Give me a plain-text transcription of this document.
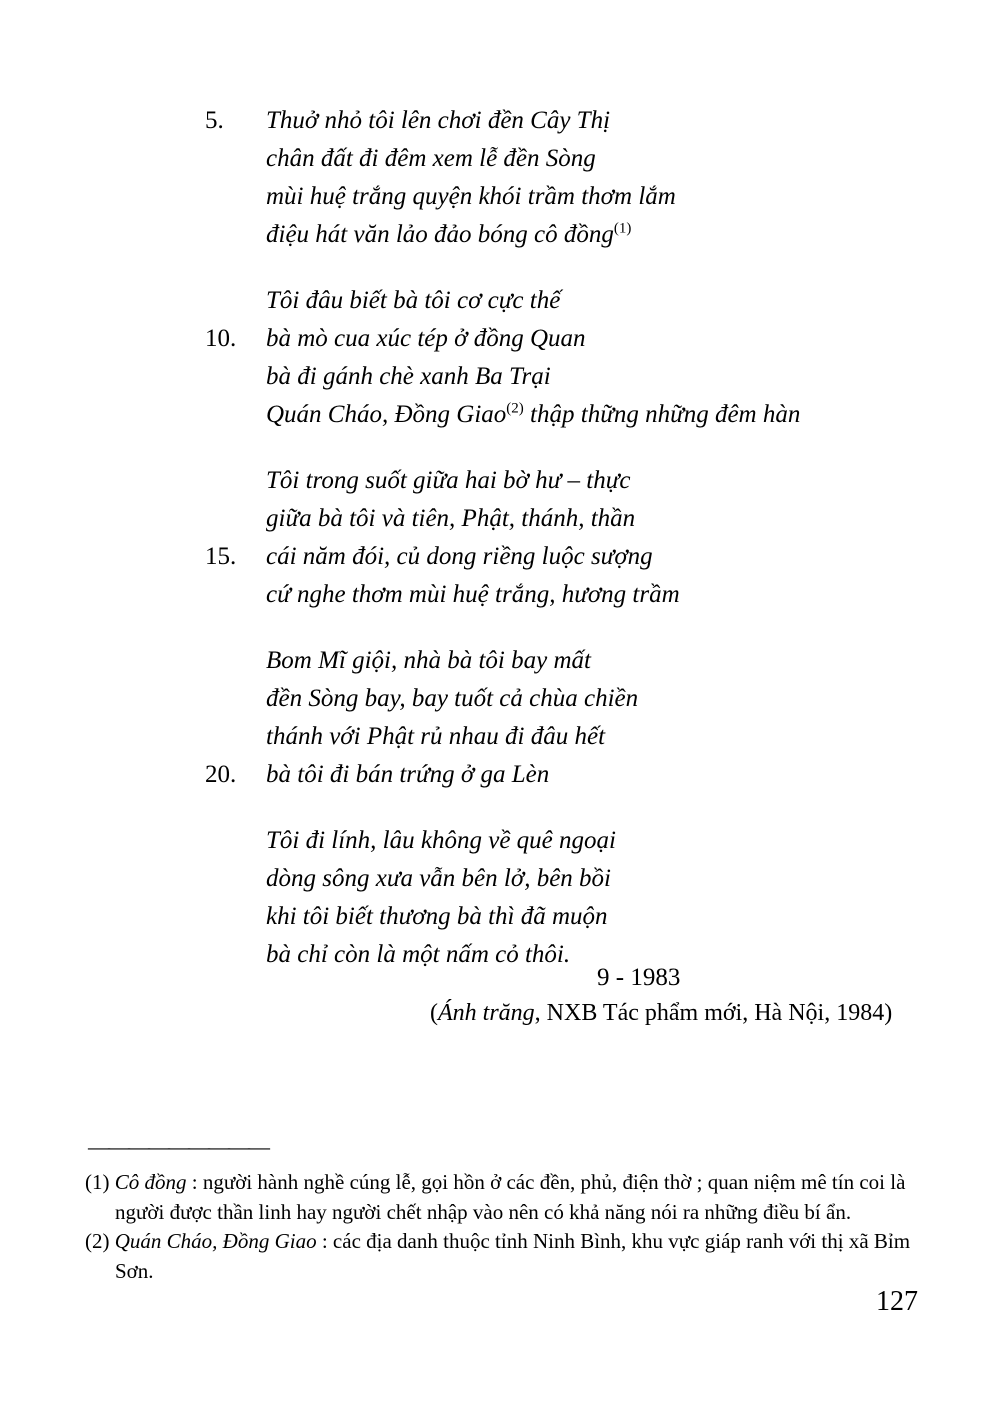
5.	Thuở nhỏ tôi lên chơi đền Cây Thị
chân đất đi đêm xem lễ đền Sòng
mùi huệ trắng quyện khói trầm thơm lắm
điệu hát văn lảo đảo bóng cô đồng$^{(1)}$
Tôi đâu biết bà tôi cơ cực thế
10.	bà mò cua xúc tép ở đồng Quan
bà đi gánh chè xanh Ba Trại
Quán Cháo, Đồng Giao$^{(2)}$ thập thững những đêm hàn
Tôi trong suốt giữa hai bờ hư – thực
giữa bà tôi và tiên, Phật, thánh, thần
15.	cái năm đói, củ dong riềng luộc sượng
cứ nghe thơm mùi huệ trắng, hương trầm
Bom Mĩ giội, nhà bà tôi bay mất
đền Sòng bay, bay tuốt cả chùa chiền
thánh với Phật rủ nhau đi đâu hết
20.	bà tôi đi bán trứng ở ga Lèn
Tôi đi lính, lâu không về quê ngoại
dòng sông xưa vẫn bên lở, bên bồi
khi tôi biết thương bà thì đã muộn
bà chỉ còn là một nấm cỏ thôi.
9 - 1983
(Ánh trăng, NXB Tác phẩm mới, Hà Nội, 1984)
—————————
(1) Cô đồng : người hành nghề cúng lễ, gọi hồn ở các đền, phủ, điện thờ ; quan niệm mê tín coi là người được thần linh hay người chết nhập vào nên có khả năng nói ra những điều bí ẩn.
(2) Quán Cháo, Đồng Giao : các địa danh thuộc tỉnh Ninh Bình, khu vực giáp ranh với thị xã Bỉm Sơn.
127
